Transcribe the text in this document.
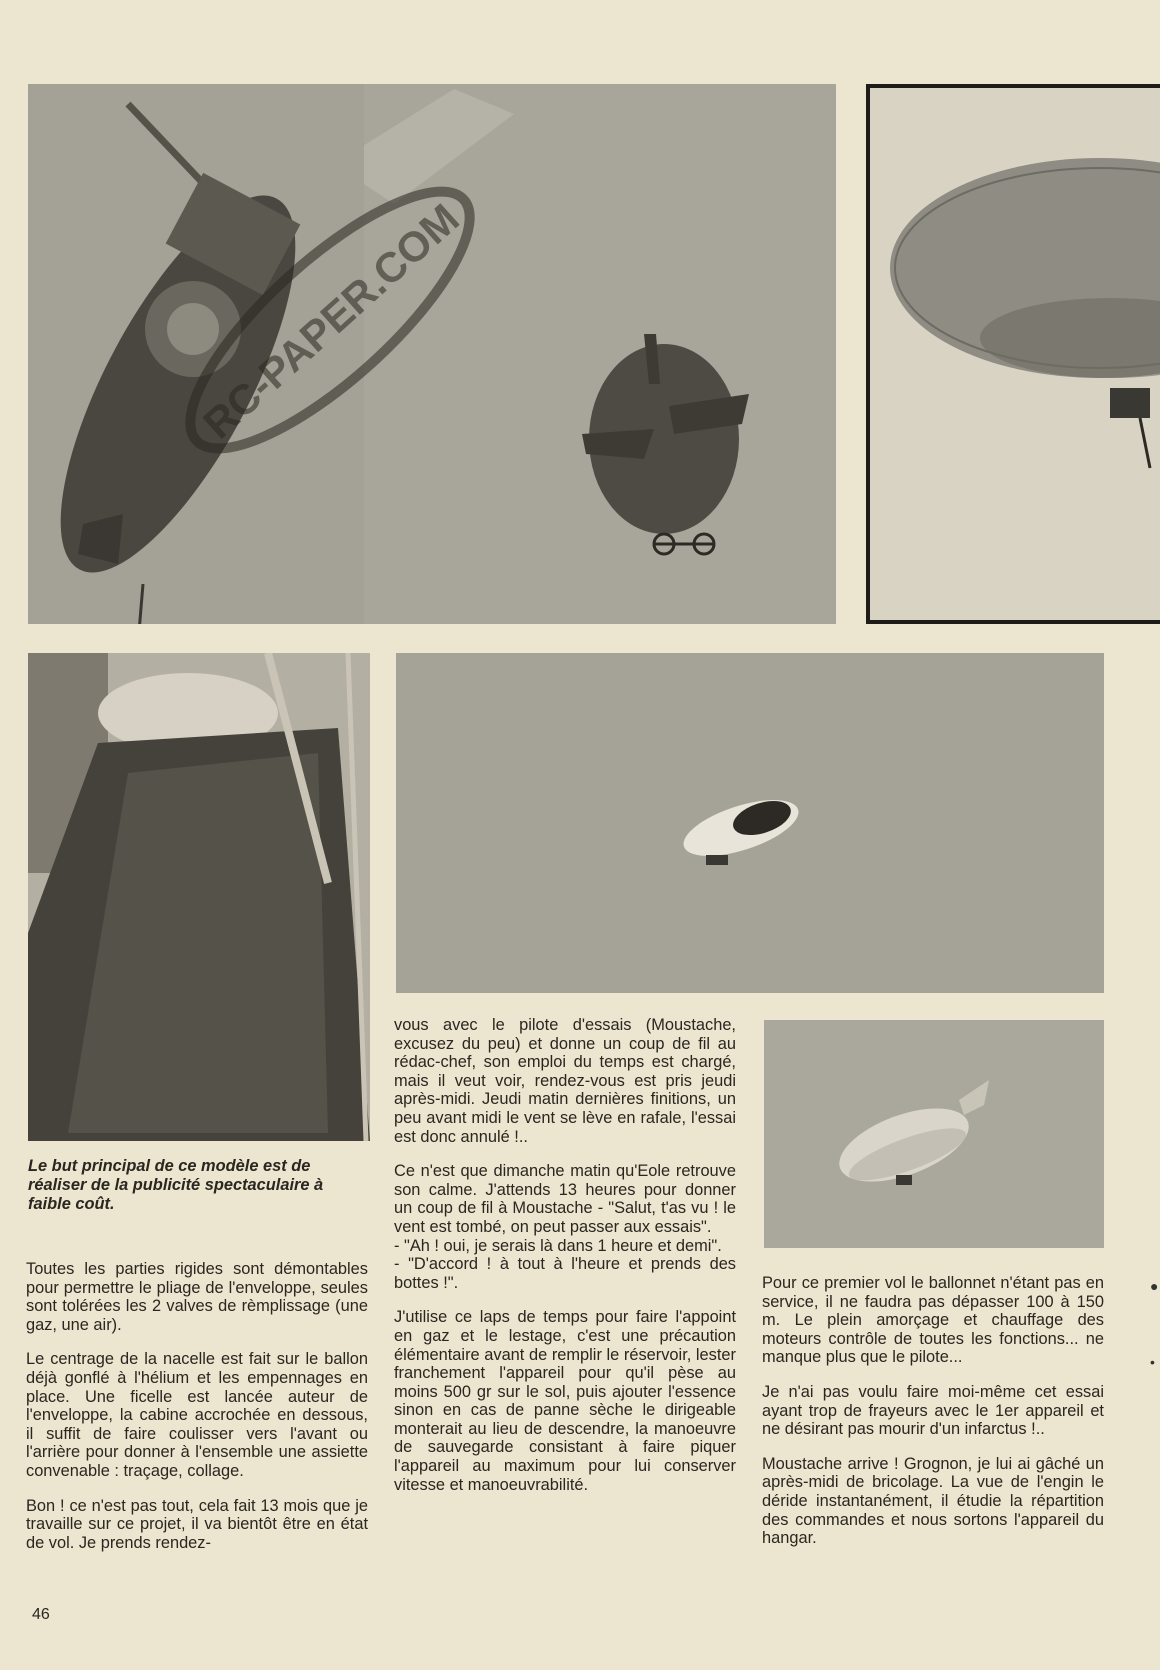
RC-PAPER.COM

Le but principal de ce modèle est de réaliser de la publicité spectaculaire à faible coût.

Toutes les parties rigides sont démontables pour permettre le pliage de l'enveloppe, seules sont tolérées les 2 valves de rèmplissage (une gaz, une air).

Le centrage de la nacelle est fait sur le ballon déjà gonflé à l'hélium et les empennages en place. Une ficelle est lancée auteur de l'enveloppe, la cabine accrochée en dessous, il suffit de faire coulisser vers l'avant ou l'arrière pour donner à l'ensemble une assiette convenable : traçage, collage.

Bon ! ce n'est pas tout, cela fait 13 mois que je travaille sur ce projet, il va bientôt être en état de vol. Je prends rendez-

vous avec le pilote d'essais (Moustache, excusez du peu) et donne un coup de fil au rédac-chef, son emploi du temps est chargé, mais il veut voir, rendez-vous est pris jeudi après-midi. Jeudi matin dernières finitions, un peu avant midi le vent se lève en rafale, l'essai est donc annulé !..

Ce n'est que dimanche matin qu'Eole retrouve son calme. J'attends 13 heures pour donner un coup de fil à Moustache - "Salut, t'as vu ! le vent est tombé, on peut passer aux essais".

- "Ah ! oui, je serais là dans 1 heure et demi".

- "D'accord ! à tout à l'heure et prends des bottes !".

J'utilise ce laps de temps pour faire l'appoint en gaz et le lestage, c'est une précaution élémentaire avant de remplir le réservoir, lester franchement l'appareil pour qu'il pèse au moins 500 gr sur le sol, puis ajouter l'essence sinon en cas de panne sèche le dirigeable monterait au lieu de descendre, la manoeuvre de sauvegarde consistant à faire piquer l'appareil au maximum pour lui conserver vitesse et manoeuvrabilité.

Pour ce premier vol le ballonnet n'étant pas en service, il ne faudra pas dépasser 100 à 150 m. Le plein amorçage et chauffage des moteurs contrôle de toutes les fonctions... ne manque plus que le pilote...

Je n'ai pas voulu faire moi-même cet essai ayant trop de frayeurs avec le 1er appareil et ne désirant pas mourir d'un infarctus !..

Moustache arrive ! Grognon, je lui ai gâché un après-midi de bricolage. La vue de l'engin le déride instantanément, il étudie la répartition des commandes et nous sortons l'appareil du hangar.

46
●
•
